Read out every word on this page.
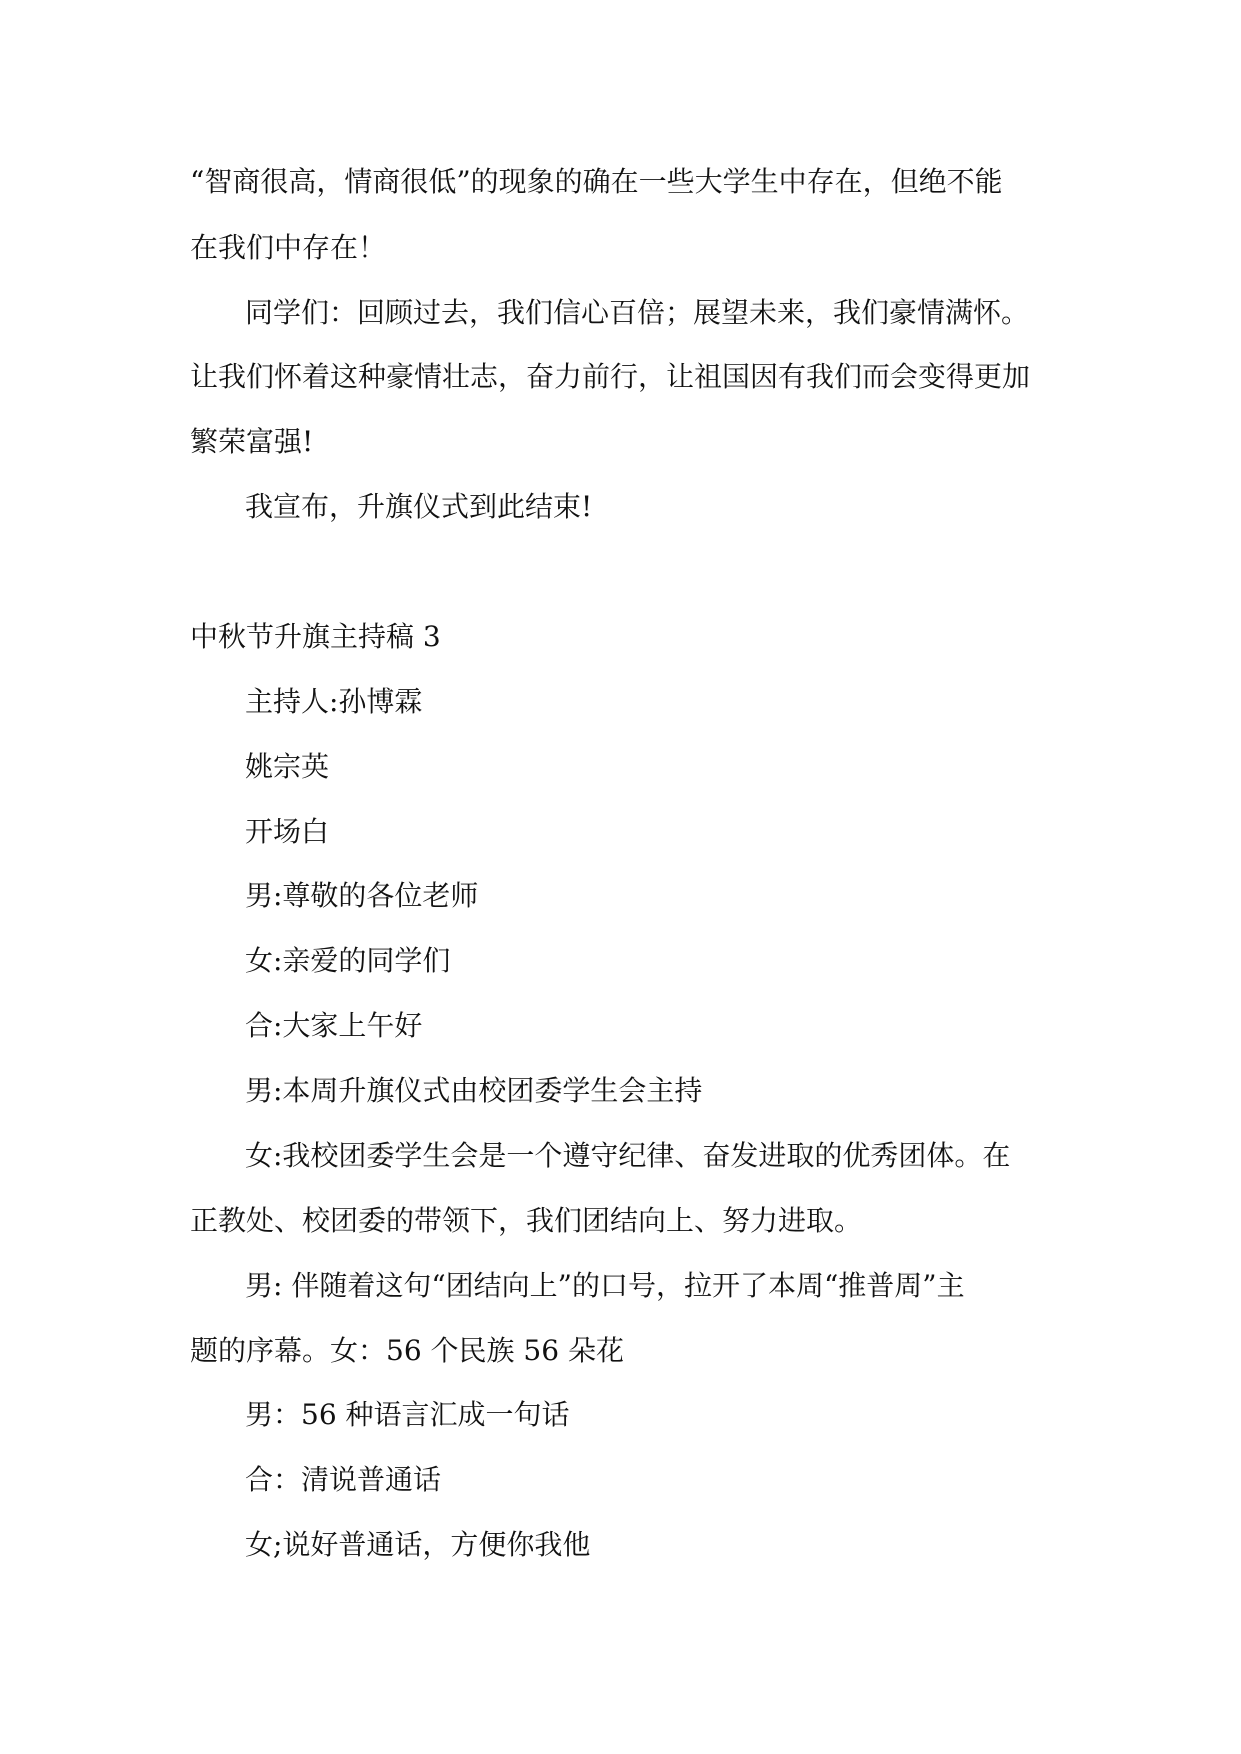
“智商很高，情商很低”的现象的确在一些大学生中存在，但绝不能
在我们中存在！
同学们：回顾过去，我们信心百倍；展望未来，我们豪情满怀。
让我们怀着这种豪情壮志，奋力前行，让祖国因有我们而会变得更加
繁荣富强!
我宣布，升旗仪式到此结束!
中秋节升旗主持稿 3
主持人:孙博霖
姚宗英
开场白
男:尊敬的各位老师
女:亲爱的同学们
合:大家上午好
男:本周升旗仪式由校团委学生会主持
女:我校团委学生会是一个遵守纪律、奋发进取的优秀团体。在
正教处、校团委的带领下，我们团结向上、努力进取。
男: 伴随着这句“团结向上”的口号，拉开了本周“推普周”主
题的序幕。女：56 个民族 56 朵花
男：56 种语言汇成一句话
合：清说普通话
女;说好普通话，方便你我他
